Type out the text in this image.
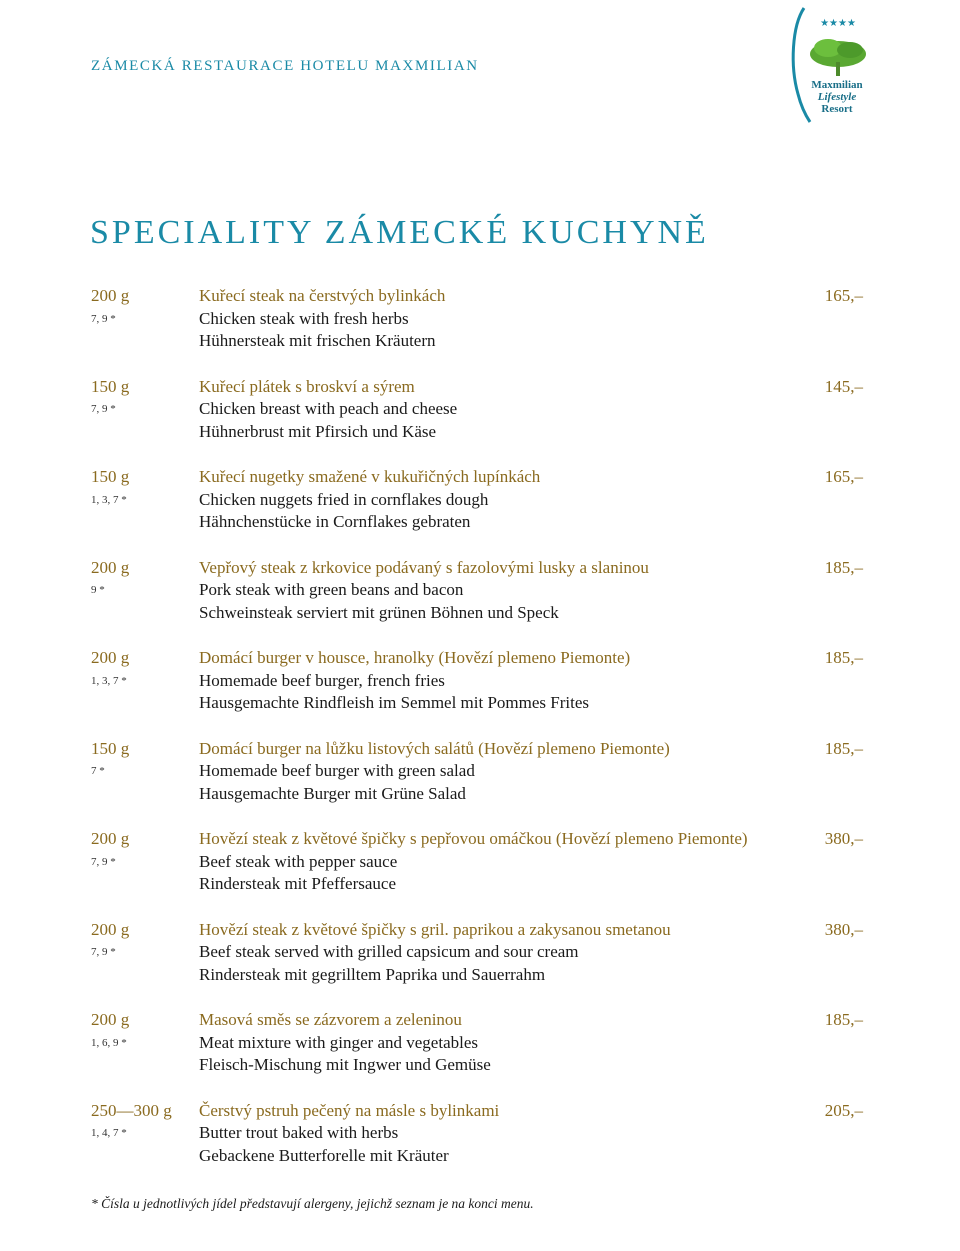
ZÁMECKÁ RESTAURACE HOTELU MAXMILIAN
★★★★
Maxmilian
Lifestyle
Resort
SPECIALITY ZÁMECKÉ KUCHYNĚ
200 g	Kuřecí steak na čerstvých bylinkách	165,–
7, 9 *	Chicken steak with fresh herbs
Hühnersteak mit frischen Kräutern
150 g	Kuřecí plátek s broskví a sýrem	145,–
7, 9 *	Chicken breast with peach and cheese
Hühnerbrust mit Pfirsich und Käse
150 g	Kuřecí nugetky smažené v kukuřičných lupínkách	165,–
1, 3, 7 *	Chicken nuggets fried in cornflakes dough
Hähnchenstücke in Cornflakes gebraten
200 g	Vepřový steak z krkovice podávaný s fazolovými lusky a slaninou	185,–
9 *	Pork steak with green beans and bacon
Schweinsteak serviert mit grünen Böhnen und Speck
200 g	Domácí burger v housce, hranolky (Hovězí plemeno Piemonte)	185,–
1, 3, 7 *	Homemade beef burger, french fries
Hausgemachte Rindfleish im Semmel mit Pommes Frites
150 g	Domácí burger na lůžku listových salátů (Hovězí plemeno Piemonte)	185,–
7 *	Homemade beef burger with green salad
Hausgemachte Burger mit Grüne Salad
200 g	Hovězí steak z květové špičky s pepřovou omáčkou (Hovězí plemeno Piemonte)	380,–
7, 9 *	Beef steak with pepper sauce
Rindersteak mit Pfeffersauce
200 g	Hovězí steak z květové špičky s gril. paprikou a zakysanou smetanou	380,–
7, 9 *	Beef steak served with grilled capsicum and sour cream
Rindersteak mit gegrilltem Paprika und Sauerrahm
200 g	Masová směs se zázvorem a zeleninou	185,–
1, 6, 9 *	Meat mixture with ginger and vegetables
Fleisch-Mischung mit Ingwer und Gemüse
250—300 g Čerstvý pstruh pečený na másle s bylinkami	205,–
1, 4, 7 *	Butter trout baked with herbs
Gebackene Butterforelle mit Kräuter
* Čísla u jednotlivých jídel představují alergeny, jejichž seznam je na konci menu.
